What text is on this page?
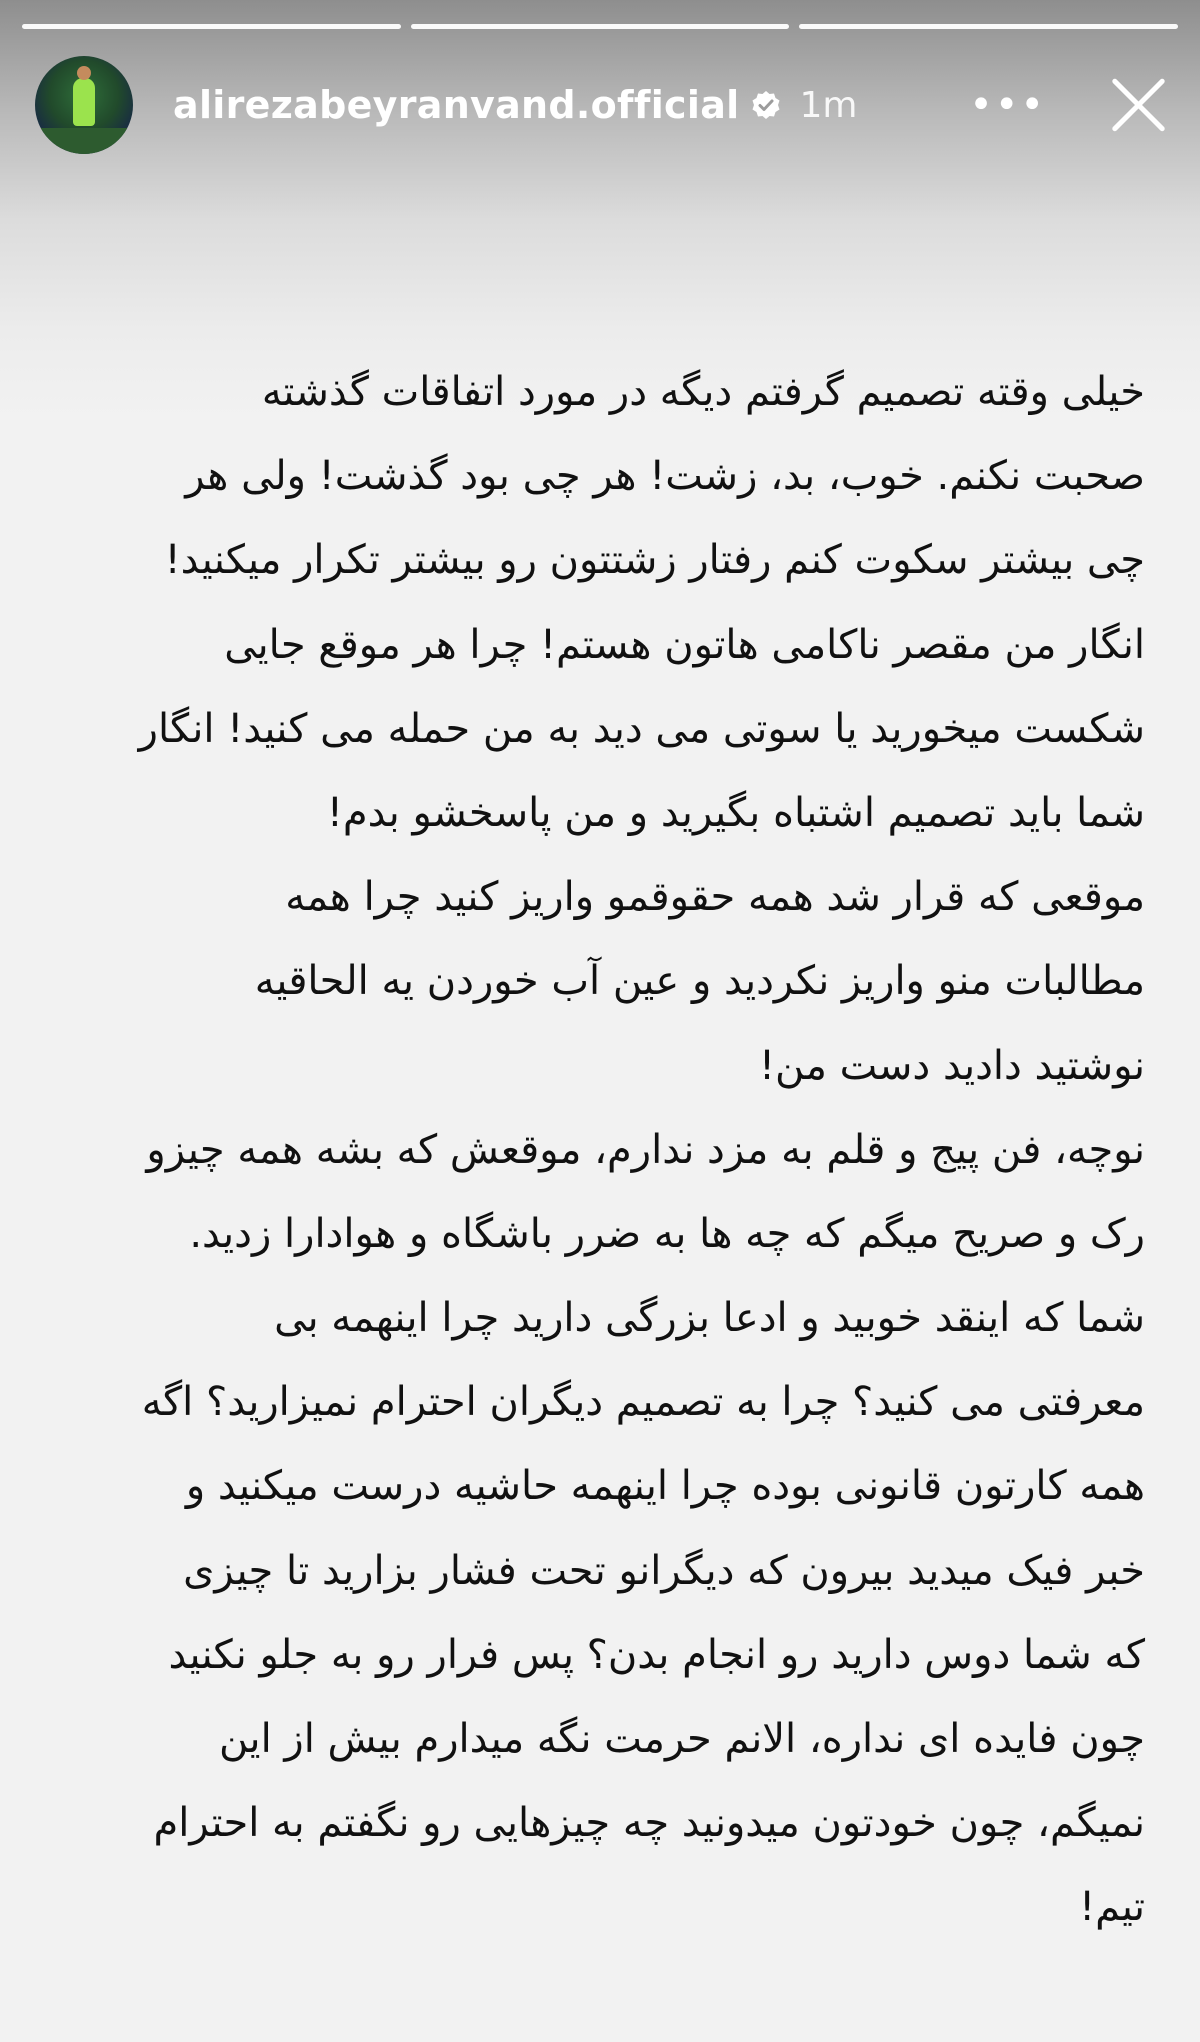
alirezabeyranvand.official 1m	•••
خیلی وقته تصمیم گرفتم دیگه در مورد اتفاقات گذشته
صحبت نکنم. خوب، بد، زشت! هر چی بود گذشت! ولی هر
چی بیشتر سکوت کنم رفتار زشتتون رو بیشتر تکرار میکنید!
انگار من مقصر ناکامی هاتون هستم! چرا هر موقع جایی
شکست میخورید یا سوتی می دید به من حمله می کنید! انگار
شما باید تصمیم اشتباه بگیرید و من پاسخشو بدم!
موقعی که قرار شد همه حقوقمو واریز کنید چرا همه
مطالبات منو واریز نکردید و عین آب خوردن یه الحاقیه
نوشتید دادید دست من!
نوچه، فن پیج و قلم به مزد ندارم، موقعش که بشه همه چیزو
رک و صریح میگم که چه ها به ضرر باشگاه و هوادارا زدید.
شما که اینقد خوبید و ادعا بزرگی دارید چرا اینهمه بی
معرفتی می کنید؟ چرا به تصمیم دیگران احترام نمیزارید؟ اگه
همه کارتون قانونی بوده چرا اینهمه حاشیه درست میکنید و
خبر فیک میدید بیرون که دیگرانو تحت فشار بزارید تا چیزی
که شما دوس دارید رو انجام بدن؟ پس فرار رو به جلو نکنید
چون فایده ای نداره، الانم حرمت نگه میدارم بیش از این
نمیگم، چون خودتون میدونید چه چیزهایی رو نگفتم به احترام
تیم!
